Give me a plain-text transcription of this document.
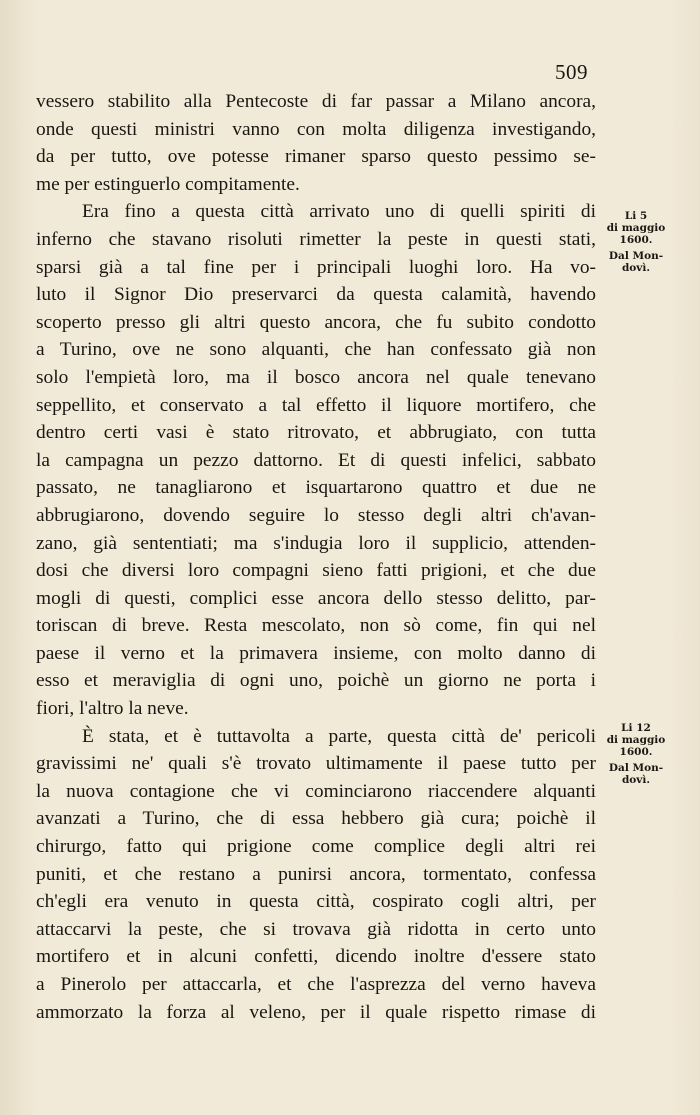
509
vessero stabilito alla Pentecoste di far passar a Milano ancora,
onde questi ministri vanno con molta diligenza investigando,
da per tutto, ove potesse rimaner sparso questo pessimo se-
me per estinguerlo compitamente.
Era fino a questa città arrivato uno di quelli spiriti di
inferno che stavano risoluti rimetter la peste in questi stati,
sparsi già a tal fine per i principali luoghi loro. Ha vo-
luto il Signor Dio preservarci da questa calamità, havendo
scoperto presso gli altri questo ancora, che fu subito condotto
a Turino, ove ne sono alquanti, che han confessato già non
solo l'empietà loro, ma il bosco ancora nel quale tenevano
seppellito, et conservato a tal effetto il liquore mortifero, che
dentro certi vasi è stato ritrovato, et abbrugiato, con tutta
la campagna un pezzo dattorno. Et di questi infelici, sabbato
passato, ne tanagliarono et isquartarono quattro et due ne
abbrugiarono, dovendo seguire lo stesso degli altri ch'avan-
zano, già sententiati; ma s'indugia loro il supplicio, attenden-
dosi che diversi loro compagni sieno fatti prigioni, et che due
mogli di questi, complici esse ancora dello stesso delitto, par-
toriscan di breve. Resta mescolato, non sò come, fin qui nel
paese il verno et la primavera insieme, con molto danno di
esso et meraviglia di ogni uno, poichè un giorno ne porta i
fiori, l'altro la neve.
È stata, et è tuttavolta a parte, questa città de' pericoli
gravissimi ne' quali s'è trovato ultimamente il paese tutto per
la nuova contagione che vi cominciarono riaccendere alquanti
avanzati a Turino, che di essa hebbero già cura; poichè il
chirurgo, fatto qui prigione come complice degli altri rei
puniti, et che restano a punirsi ancora, tormentato, confessa
ch'egli era venuto in questa città, cospirato cogli altri, per
attaccarvi la peste, che si trovava già ridotta in certo unto
mortifero et in alcuni confetti, dicendo inoltre d'essere stato
a Pinerolo per attaccarla, et che l'asprezza del verno haveva
ammorzato la forza al veleno, per il quale rispetto rimase di
Li 5
di maggio
1600.
Dal Mon-
dovì.
Li 12
di maggio
1600.
Dal Mon-
dovì.
